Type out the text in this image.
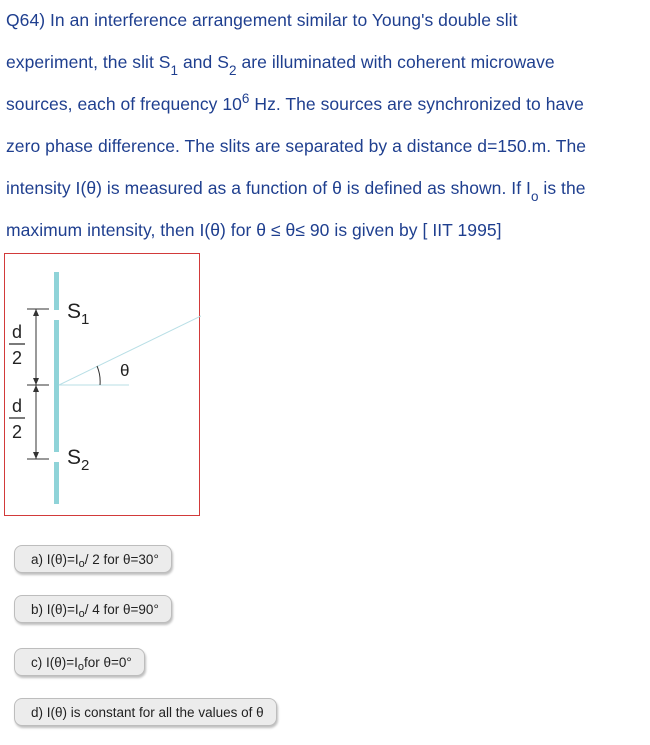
Q64) In an interference arrangement similar to Young's double slit
experiment, the slit $S_1$ and $S_2$ are illuminated with coherent microwave
sources, each of frequency $10^6$ Hz. The sources are synchronized to have
zero phase difference. The slits are separated by a distance d=150.m. The
intensity I(θ) is measured as a function of θ is defined as shown. If $I_o$ is the
maximum intensity, then I(θ) for θ ≤ θ≤ 90 is given by [ IIT 1995]
d
2
d
2
$S_1$
$S_2$
θ
a) I(θ)=I o / 2 for θ=30°
b) I(θ)=I o / 4 for θ=90°
c) I(θ)=I o for θ=0°
d) I(θ) is constant for all the values of θ
